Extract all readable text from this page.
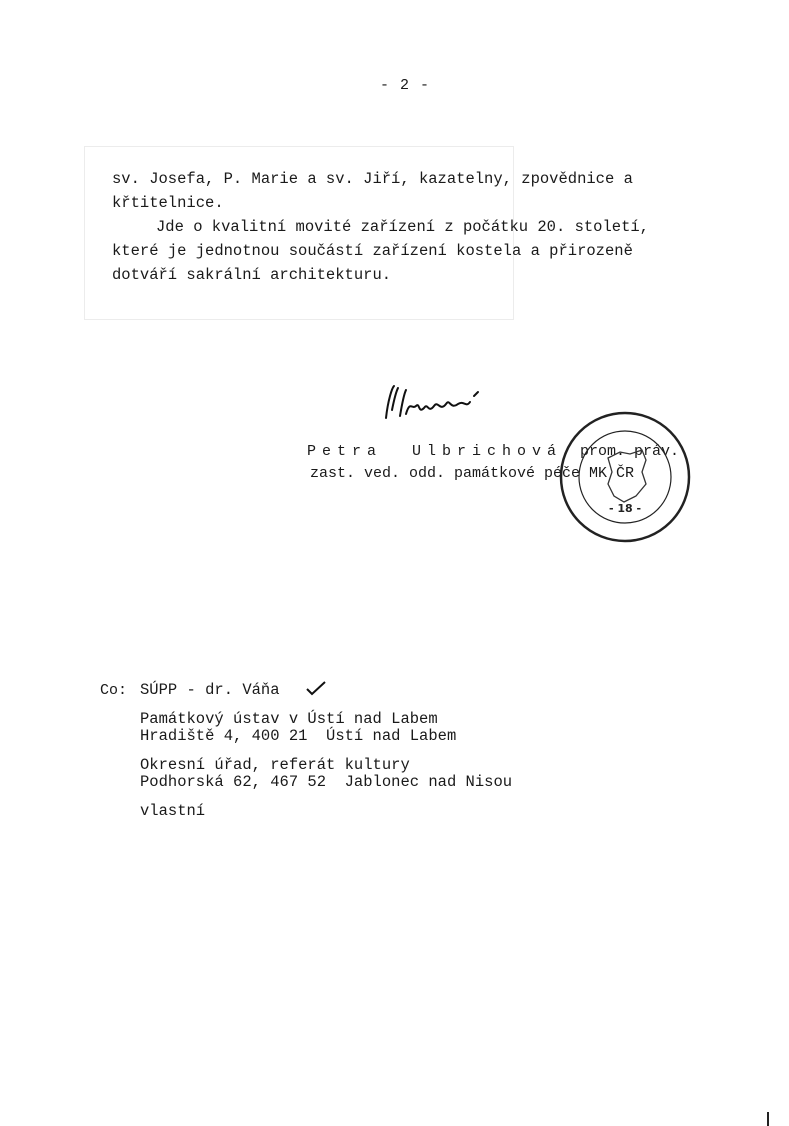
- 2 -

sv. Josefa, P. Marie a sv. Jiří, kazatelny, zpovědnice a

křtitelnice.

Jde o kvalitní movité zařízení z počátku 20. století,

které je jednotnou součástí zařízení kostela a přirozeně

dotváří sakrální architekturu.

Petra  Ulbrichová, prom. práv.
zast. ved. odd. památkové péče MK ČR
- 18 -
Co: SÚPP - dr. Váňa
Památkový ústav v Ústí nad Labem
Hradiště 4, 400 21  Ústí nad Labem
Okresní úřad, referát kultury
Podhorská 62, 467 52  Jablonec nad Nisou
vlastní
